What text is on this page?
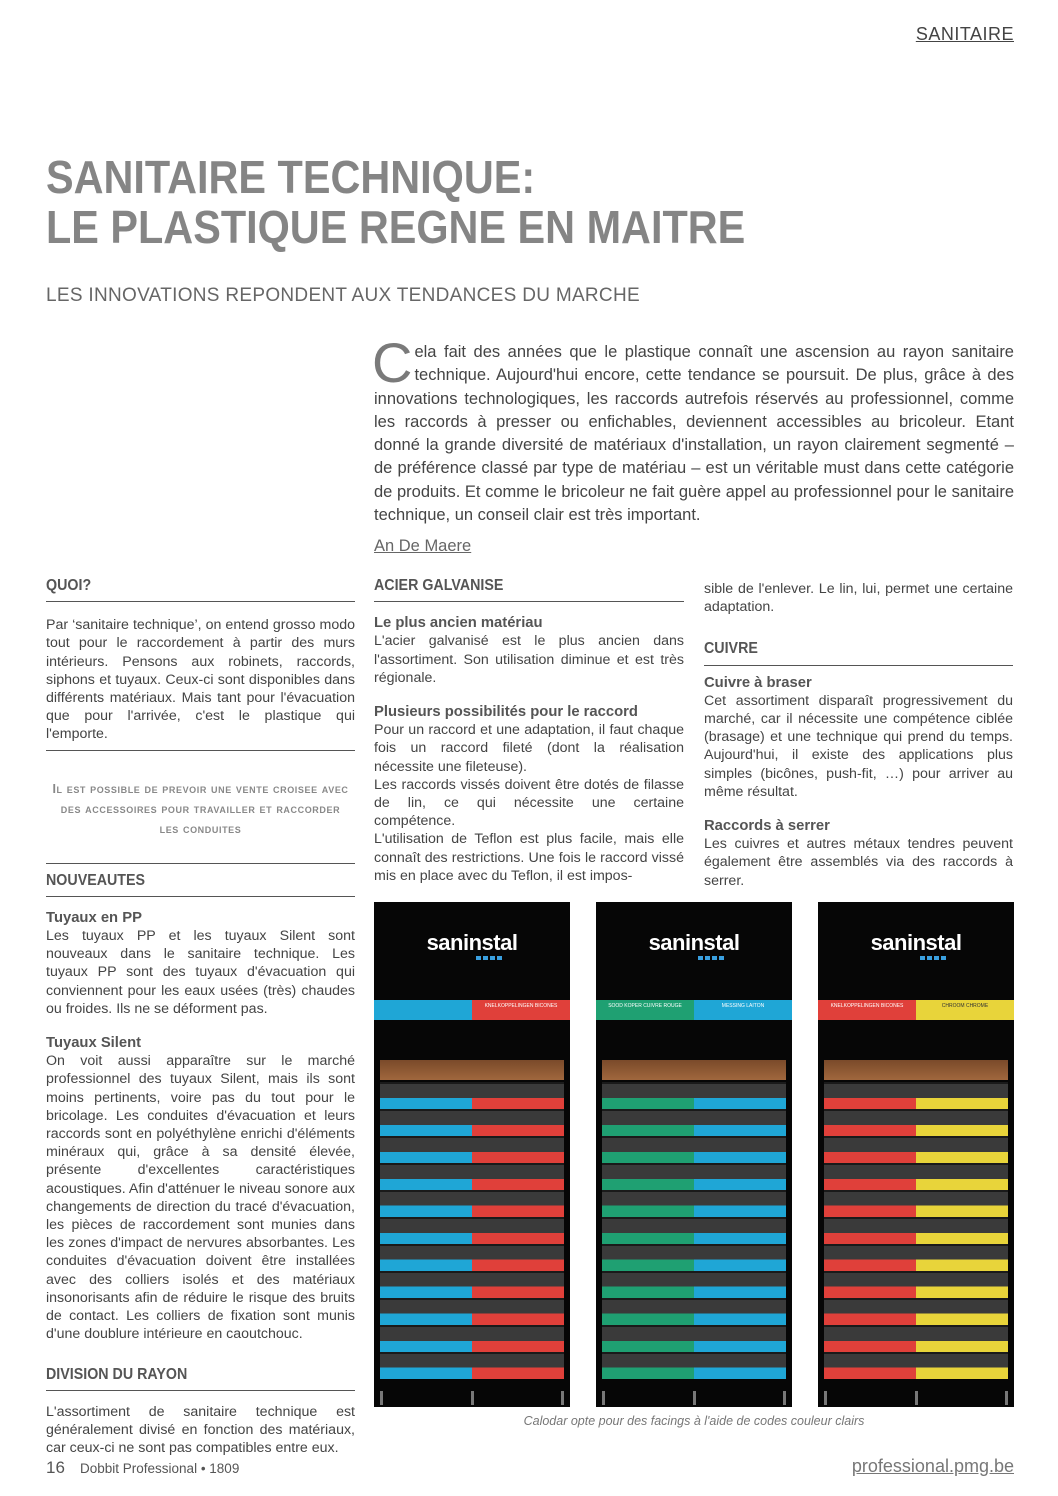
SANITAIRE
SANITAIRE TECHNIQUE:
LE PLASTIQUE REGNE EN MAITRE
LES INNOVATIONS REPONDENT AUX TENDANCES DU MARCHE
Cela fait des années que le plastique connaît une ascension au rayon sanitaire technique. Aujourd'hui encore, cette tendance se poursuit. De plus, grâce à des innovations technologiques, les raccords autrefois réservés au professionnel, comme les raccords à presser ou enfichables, deviennent accessibles au bricoleur. Etant donné la grande diversité de matériaux d'installation, un rayon clairement segmenté – de préférence classé par type de matériau – est un véritable must dans cette catégorie de produits. Et comme le bricoleur ne fait guère appel au professionnel pour le sanitaire technique, un conseil clair est très important.
An De Maere
QUOI?

Par ‘sanitaire technique’, on entend grosso modo tout pour le raccordement à partir des murs intérieurs. Pensons aux robinets, raccords, siphons et tuyaux. Ceux-ci sont disponibles dans différents matériaux. Mais tant pour l'évacuation que pour l'arrivée, c'est le plastique qui l'emporte.

Il est possible de prevoir une vente croisee avec des accessoires pour travailler et raccorder les conduites
NOUVEAUTES
Tuyaux en PP

Les tuyaux PP et les tuyaux Silent sont nouveaux dans le sanitaire technique. Les tuyaux PP sont des tuyaux d'évacuation qui conviennent pour les eaux usées (très) chaudes ou froides. Ils ne se déforment pas.

Tuyaux Silent

On voit aussi apparaître sur le marché professionnel des tuyaux Silent, mais ils sont moins pertinents, voire pas du tout pour le bricolage. Les conduites d'évacuation et leurs raccords sont en polyéthylène enrichi d'éléments minéraux qui, grâce à sa densité élevée, présente d'excellentes caractéristiques acoustiques. Afin d'atténuer le niveau sonore aux changements de direction du tracé d'évacuation, les pièces de raccordement sont munies dans les zones d'impact de nervures absorbantes. Les conduites d'évacuation doivent être installées avec des colliers isolés et des matériaux insonorisants afin de réduire le risque des bruits de contact. Les colliers de fixation sont munis d'une doublure intérieure en caoutchouc.

DIVISION DU RAYON

L'assortiment de sanitaire technique est généralement divisé en fonction des matériaux, car ceux-ci ne sont pas compatibles entre eux.

ACIER GALVANISE
Le plus ancien matériau

L'acier galvanisé est le plus ancien dans l'assortiment. Son utilisation diminue et est très régionale.

Plusieurs possibilités pour le raccord

Pour un raccord et une adaptation, il faut chaque fois un raccord fileté (dont la réalisation nécessite une fileteuse).

Les raccords vissés doivent être dotés de filasse de lin, ce qui nécessite une certaine compétence.

L'utilisation de Teflon est plus facile, mais elle connaît des restrictions. Une fois le raccord vissé mis en place avec du Teflon, il est impos-

sible de l'enlever. Le lin, lui, permet une certaine adaptation.

CUIVRE
Cuivre à braser

Cet assortiment disparaît progressivement du marché, car il nécessite une compétence ciblée (brasage) et une technique qui prend du temps. Aujourd'hui, il existe des applications plus simples (bicônes, push-fit, …) pour arriver au même résultat.

Raccords à serrer

Les cuivres et autres métaux tendres peuvent également être assemblés via des raccords à serrer.

saninstal
KNELKOPPELINGEN BICONES
saninstal
SOOD KOPER CUIVRE ROUGE	MESSING LAITON
saninstal
KNELKOPPELINGEN BICONES	CHROOM CHROME
Calodar opte pour des facings à l'aide de codes couleur clairs
16 Dobbit Professional • 1809	professional.pmg.be
